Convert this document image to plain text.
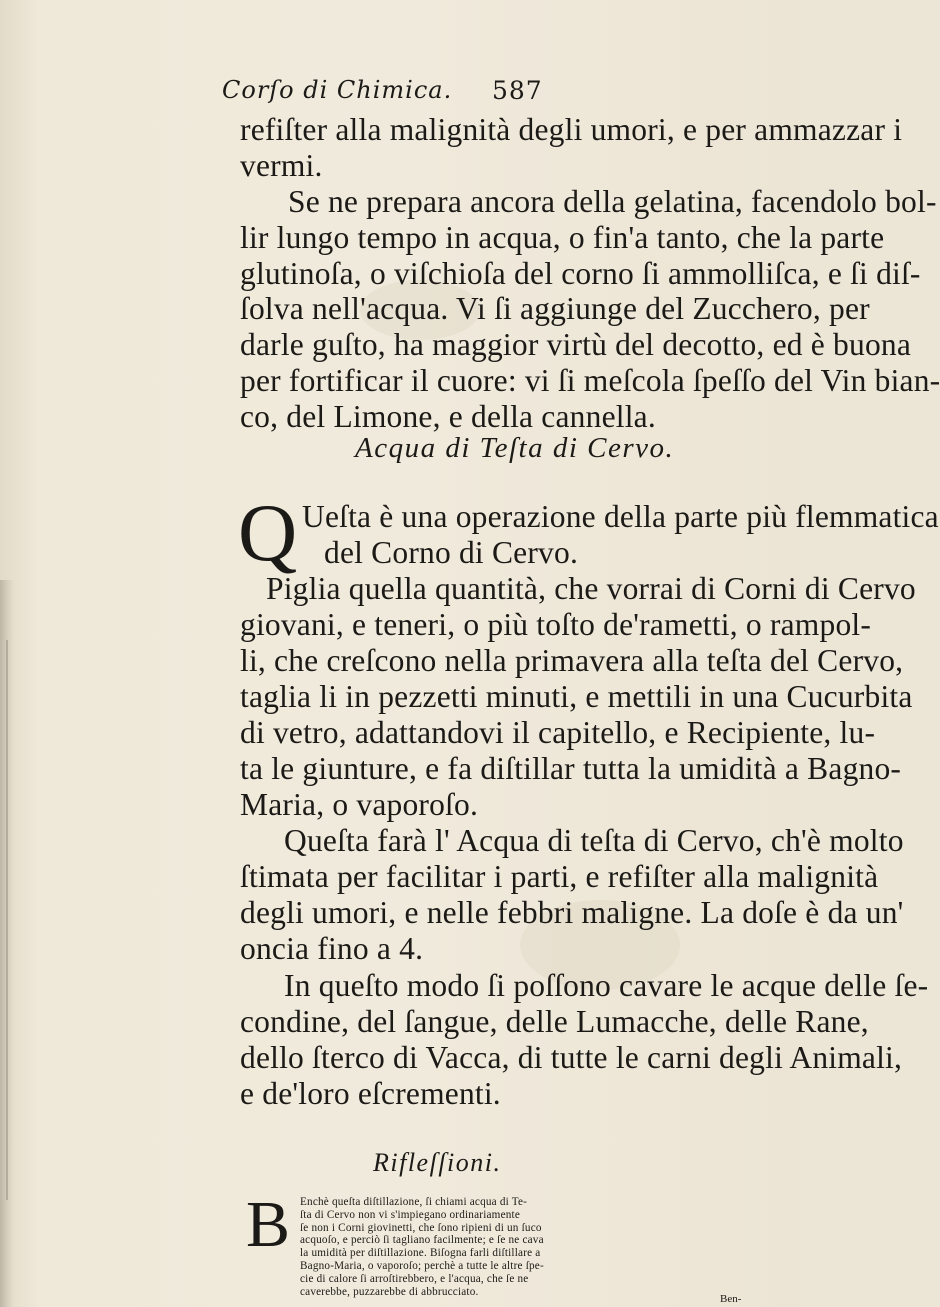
Corſo di Chimica. 587
refiſter alla malignità degli umori, e per ammazzar i
vermi.
Se ne prepara ancora della gelatina, facendolo bol-
lir lungo tempo in acqua, o fin'a tanto, che la parte
glutinoſa, o viſchioſa del corno ſi ammolliſca, e ſi diſ-
ſolva nell'acqua. Vi ſi aggiunge del Zucchero, per
darle guſto, ha maggior virtù del decotto, ed è buona
per fortificar il cuore: vi ſi meſcola ſpeſſo del Vin bian-
co, del Limone, e della cannella.
Acqua di Teſta di Cervo.
Q Ueſta è una operazione della parte più flemmatica
del Corno di Cervo.
Piglia quella quantità, che vorrai di Corni di Cervo
giovani, e teneri, o più toſto de'rametti, o rampol-
li, che creſcono nella primavera alla teſta del Cervo,
taglia li in pezzetti minuti, e mettili in una Cucurbita
di vetro, adattandovi il capitello, e Recipiente, lu-
ta le giunture, e fa diſtillar tutta la umidità a Bagno-
Maria, o vaporoſo.
Queſta farà l' Acqua di teſta di Cervo, ch'è molto
ſtimata per facilitar i parti, e refiſter alla malignità
degli umori, e nelle febbri maligne. La doſe è da un'
oncia fino a 4.
In queſto modo ſi poſſono cavare le acque delle ſe-
condine, del ſangue, delle Lumacche, delle Rane,
dello ſterco di Vacca, di tutte le carni degli Animali,
e de'loro eſcrementi.
Rifleſſioni.
B Enchè queſta diſtillazione, ſi chiami acqua di Te-
ſta di Cervo non vi s'impiegano ordinariamente
ſe non i Corni giovinetti, che ſono ripieni di un ſuco
acquoſo, e perciò ſi tagliano facilmente; e ſe ne cava
la umidità per diſtillazione. Biſogna farli diſtillare a
Bagno-Maria, o vaporoſo; perchè a tutte le altre ſpe-
cie di calore ſi arroſtirebbero, e l'acqua, che ſe ne
caverebbe, puzzarebbe di abbrucciato.
Ben-
